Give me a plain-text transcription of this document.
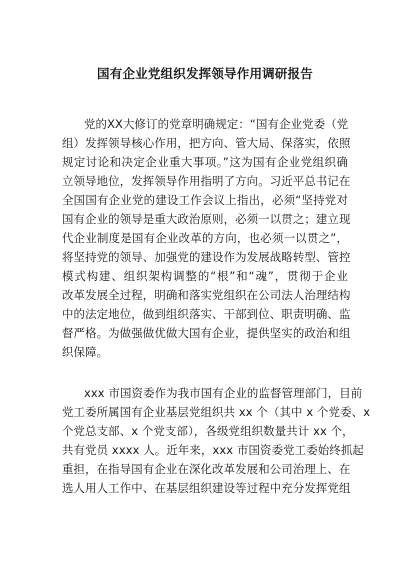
国有企业党组织发挥领导作用调研报告
党的XX大修订的党章明确规定：“国有企业党委（党
组）发挥领导核心作用，把方向、管大局、保落实，依照
规定讨论和决定企业重大事项。”这为国有企业党组织确
立领导地位，发挥领导作用指明了方向。习近平总书记在
全国国有企业党的建设工作会议上指出，必须“坚持党对
国有企业的领导是重大政治原则，必须一以贯之；建立现
代企业制度是国有企业改革的方向，也必须一以贯之”，
将坚持党的领导、加强党的建设作为发展战略转型、管控
模式构建、组织架构调整的“根”和“魂”，贯彻于企业
改革发展全过程，明确和落实党组织在公司法人治理结构
中的法定地位，做到组织落实、干部到位、职责明确、监
督严格。为做强做优做大国有企业，提供坚实的政治和组
织保障。
xxx 市国资委作为我市国有企业的监督管理部门，目前
党工委所属国有企业基层党组织共 xx 个（其中 x 个党委、x
个党总支部、x 个党支部），各级党组织数量共计 xx 个，
共有党员 xxxx 人。近年来，xxx 市国资委党工委始终抓起
重担，在指导国有企业在深化改革发展和公司治理上、在
选人用人工作中、在基层组织建设等过程中充分发挥党组
